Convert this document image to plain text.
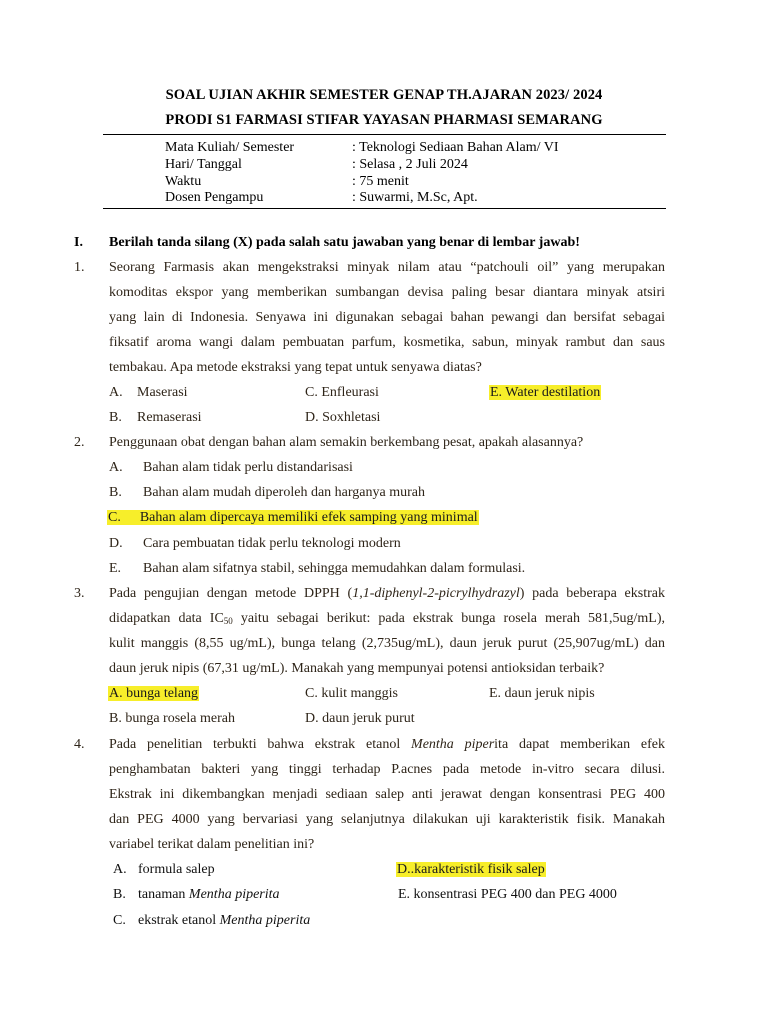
SOAL UJIAN AKHIR SEMESTER GENAP TH.AJARAN 2023/ 2024
PRODI S1 FARMASI STIFAR YAYASAN PHARMASI SEMARANG
Mata Kuliah/ Semester	: Teknologi Sediaan Bahan Alam/ VI
Hari/ Tanggal	: Selasa , 2 Juli 2024
Waktu	: 75 menit
Dosen Pengampu	: Suwarmi, M.Sc, Apt.
I. Berilah tanda silang (X) pada salah satu jawaban yang benar di lembar jawab!
1. Seorang Farmasis akan mengekstraksi minyak nilam atau “patchouli oil” yang merupakan
komoditas ekspor yang memberikan sumbangan devisa paling besar diantara minyak atsiri
yang lain di Indonesia. Senyawa ini digunakan sebagai bahan pewangi dan bersifat sebagai
fiksatif aroma wangi dalam pembuatan parfum, kosmetika, sabun, minyak rambut dan saus
tembakau. Apa metode ekstraksi yang tepat untuk senyawa diatas?
A. Maserasi	C. Enfleurasi	E. Water destilation
B. Remaserasi	D. Soxhletasi
2. Penggunaan obat dengan bahan alam semakin berkembang pesat, apakah alasannya?
A. Bahan alam tidak perlu distandarisasi
B. Bahan alam mudah diperoleh dan harganya murah
C. Bahan alam dipercaya memiliki efek samping yang minimal
D. Cara pembuatan tidak perlu teknologi modern
E. Bahan alam sifatnya stabil, sehingga memudahkan dalam formulasi.
3. Pada pengujian dengan metode DPPH (1,1-diphenyl-2-picrylhydrazyl) pada beberapa ekstrak
didapatkan data $IC_{50}$ yaitu sebagai berikut: pada ekstrak bunga rosela merah 581,5ug/mL),
kulit manggis (8,55 ug/mL), bunga telang (2,735ug/mL), daun jeruk purut (25,907ug/mL) dan
daun jeruk nipis (67,31 ug/mL). Manakah yang mempunyai potensi antioksidan terbaik?
A. bunga telang	C. kulit manggis	E. daun jeruk nipis
B. bunga rosela merah	D. daun jeruk purut
4. Pada penelitian terbukti bahwa ekstrak etanol Mentha piperita dapat memberikan efek
penghambatan bakteri yang tinggi terhadap P.acnes pada metode in-vitro secara dilusi.
Ekstrak ini dikembangkan menjadi sediaan salep anti jerawat dengan konsentrasi PEG 400
dan PEG 4000 yang bervariasi yang selanjutnya dilakukan uji karakteristik fisik. Manakah
variabel terikat dalam penelitian ini?
A. formula salep	D..karakteristik fisik salep
B. tanaman Mentha piperita	E. konsentrasi PEG 400 dan PEG 4000
C. ekstrak etanol Mentha piperita
